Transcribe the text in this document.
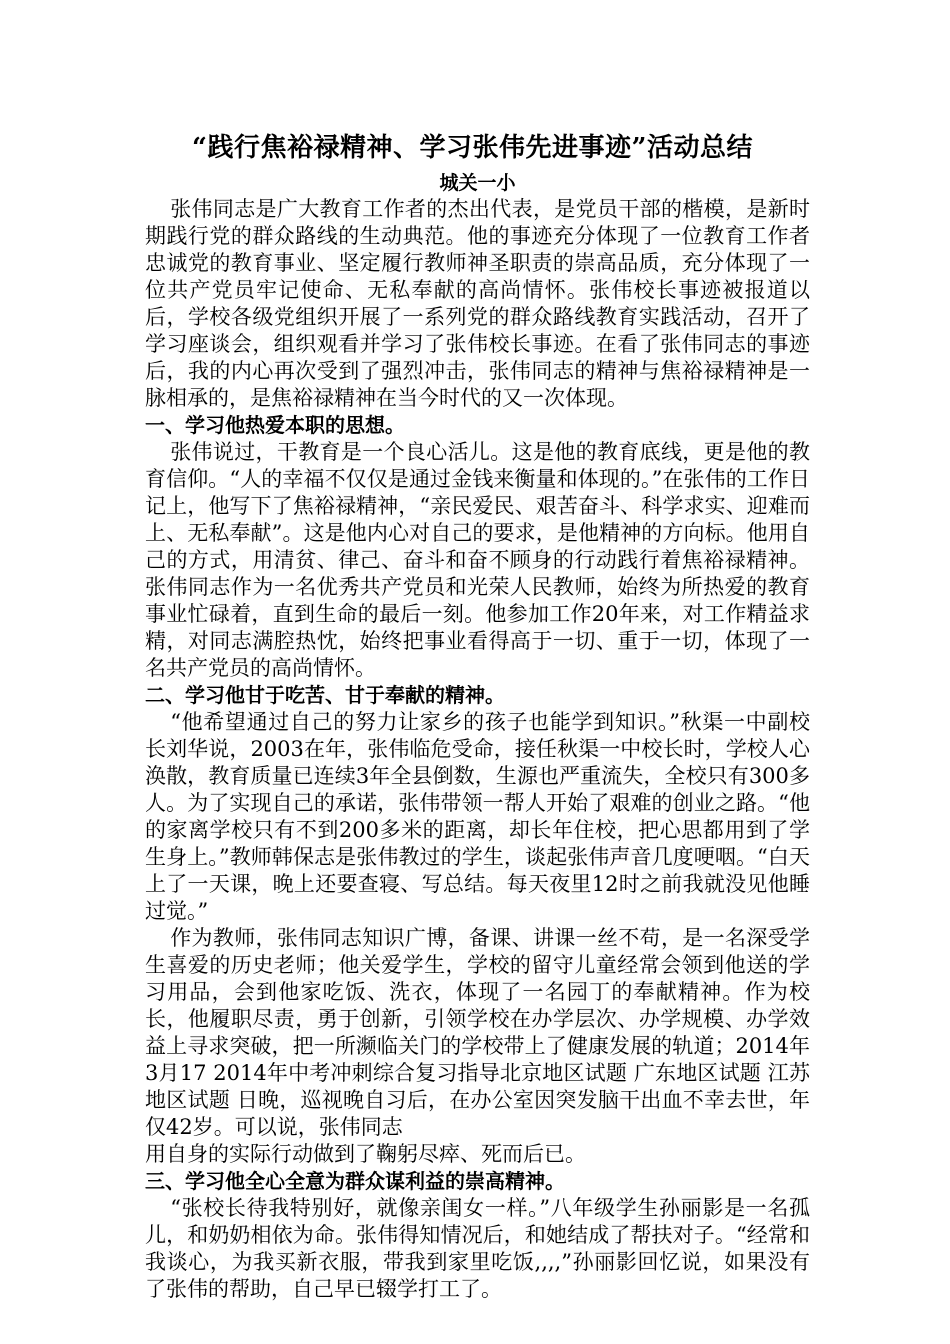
“践行焦裕禄精神、学习张伟先进事迹”活动总结
城关一小

张伟同志是广大教育工作者的杰出代表，是党员干部的楷模，是新时期践行党的群众路线的生动典范。他的事迹充分体现了一位教育工作者忠诚党的教育事业、坚定履行教师神圣职责的崇高品质，充分体现了一位共产党员牢记使命、无私奉献的高尚情怀。张伟校长事迹被报道以后，学校各级党组织开展了一系列党的群众路线教育实践活动，召开了学习座谈会，组织观看并学习了张伟校长事迹。在看了张伟同志的事迹后，我的内心再次受到了强烈冲击，张伟同志的精神与焦裕禄精神是一脉相承的，是焦裕禄精神在当今时代的又一次体现。

一、学习他热爱本职的思想。

张伟说过，干教育是一个良心活儿。这是他的教育底线，更是他的教育信仰。“人的幸福不仅仅是通过金钱来衡量和体现的。”在张伟的工作日记上，他写下了焦裕禄精神，“亲民爱民、艰苦奋斗、科学求实、迎难而上、无私奉献”。这是他内心对自己的要求，是他精神的方向标。他用自己的方式，用清贫、律己、奋斗和奋不顾身的行动践行着焦裕禄精神。张伟同志作为一名优秀共产党员和光荣人民教师，始终为所热爱的教育事业忙碌着，直到生命的最后一刻。他参加工作20年来，对工作精益求精，对同志满腔热忱，始终把事业看得高于一切、重于一切，体现了一名共产党员的高尚情怀。

二、学习他甘于吃苦、甘于奉献的精神。

“他希望通过自己的努力让家乡的孩子也能学到知识。”秋渠一中副校长刘华说，2003在年，张伟临危受命，接任秋渠一中校长时，学校人心涣散，教育质量已连续3年全县倒数，生源也严重流失，全校只有300多人。为了实现自己的承诺，张伟带领一帮人开始了艰难的创业之路。“他的家离学校只有不到200多米的距离，却长年住校，把心思都用到了学生身上。”教师韩保志是张伟教过的学生，谈起张伟声音几度哽咽。“白天上了一天课，晚上还要查寝、写总结。每天夜里12时之前我就没见他睡过觉。”

作为教师，张伟同志知识广博，备课、讲课一丝不苟，是一名深受学生喜爱的历史老师；他关爱学生，学校的留守儿童经常会领到他送的学习用品，会到他家吃饭、洗衣，体现了一名园丁的奉献精神。作为校长，他履职尽责，勇于创新，引领学校在办学层次、办学规模、办学效益上寻求突破，把一所濒临关门的学校带上了健康发展的轨道；2014年3月17 2014年中考冲刺综合复习指导北京地区试题 广东地区试题 江苏地区试题 日晚，巡视晚自习后，在办公室因突发脑干出血不幸去世，年仅42岁。可以说，张伟同志

用自身的实际行动做到了鞠躬尽瘁、死而后已。

三、学习他全心全意为群众谋利益的崇高精神。

“张校长待我特别好，就像亲闺女一样。”八年级学生孙丽影是一名孤儿，和奶奶相依为命。张伟得知情况后，和她结成了帮扶对子。“经常和我谈心，为我买新衣服，带我到家里吃饭,,,,”孙丽影回忆说，如果没有了张伟的帮助，自己早已辍学打工了。
